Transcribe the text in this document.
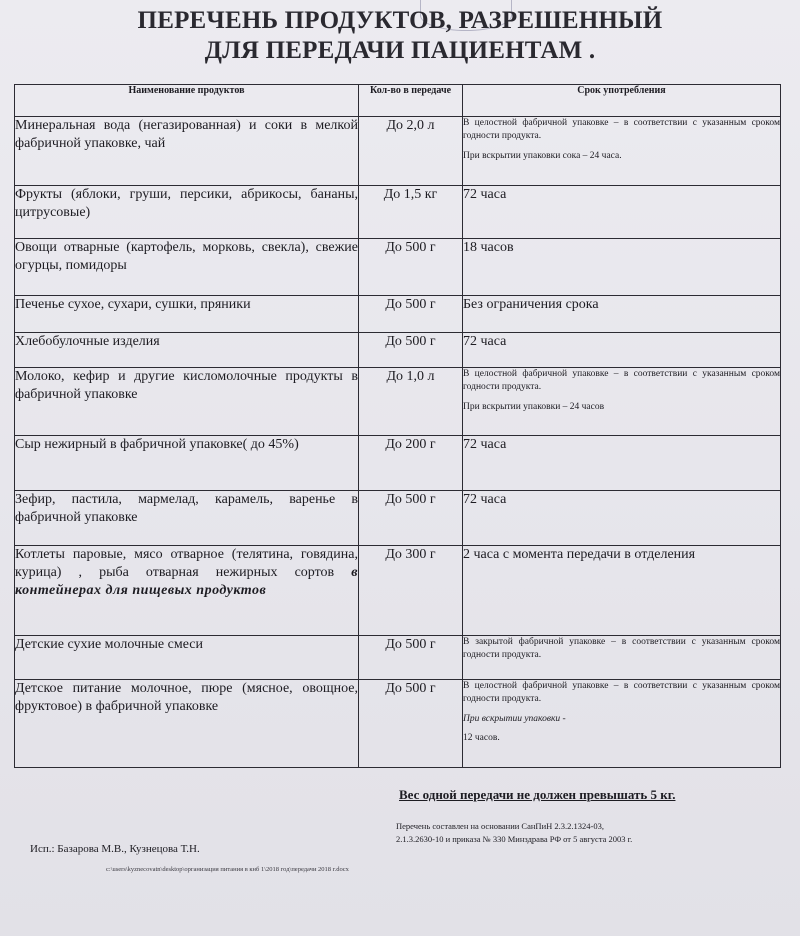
ПЕРЕЧЕНЬ ПРОДУКТОВ, РАЗРЕШЕННЫЙ
ДЛЯ ПЕРЕДАЧИ ПАЦИЕНТАМ .
Наименование продуктов	Кол-во в передаче	Срок употребления
Минеральная вода (негазированная) и соки в мелкой фабричной упаковке, чай	До 2,0 л	В целостной фабричной упаковке – в соответствии с указанным сроком годности продукта.
При вскрытии упаковки сока – 24 часа.

Фрукты (яблоки, груши, персики, абрикосы, бананы, цитрусовые)	До 1,5 кг	72 часа

Овощи отварные (картофель, морковь, свекла), свежие огурцы, помидоры	До 500 г	18 часов

Печенье сухое, сухари, сушки, пряники	До 500 г	Без ограничения срока

Хлебобулочные изделия	До 500 г	72 часа

Молоко, кефир и другие кисломолочные продукты в фабричной упаковке	До 1,0 л	В целостной фабричной упаковке – в соответствии с указанным сроком годности продукта.
При вскрытии упаковки – 24 часов

Сыр нежирный в фабричной упаковке( до 45%)	До 200 г	72 часа

Зефир, пастила, мармелад, карамель, варенье в фабричной упаковке	До 500 г	72 часа

Котлеты паровые, мясо отварное (телятина, говядина, курица) , рыба отварная нежирных сортов в контейнерах для пищевых продуктов	До 300 г	2 часа с момента передачи в отделения

Детские сухие молочные смеси	До 500 г	В закрытой фабричной упаковке – в соответствии с указанным сроком годности продукта.

Детское питание молочное, пюре (мясное, овощное, фруктовое) в фабричной упаковке	До 500 г	В целостной фабричной упаковке – в соответствии с указанным сроком годности продукта.
При вскрытии упаковки -
12 часов.
Вес одной передачи не должен превышать 5 кг.
Перечень составлен на основании СанПиН 2.3.2.1324-03,
2.1.3.2630-10 и приказа № 330 Минздрава РФ от 5 августа 2003 г.
Исп.: Базарова М.В., Кузнецова Т.Н.
c:\users\kyznecovatn\desktop\организация питания в кнб 1\2018 год\передачи 2018 г.docx
